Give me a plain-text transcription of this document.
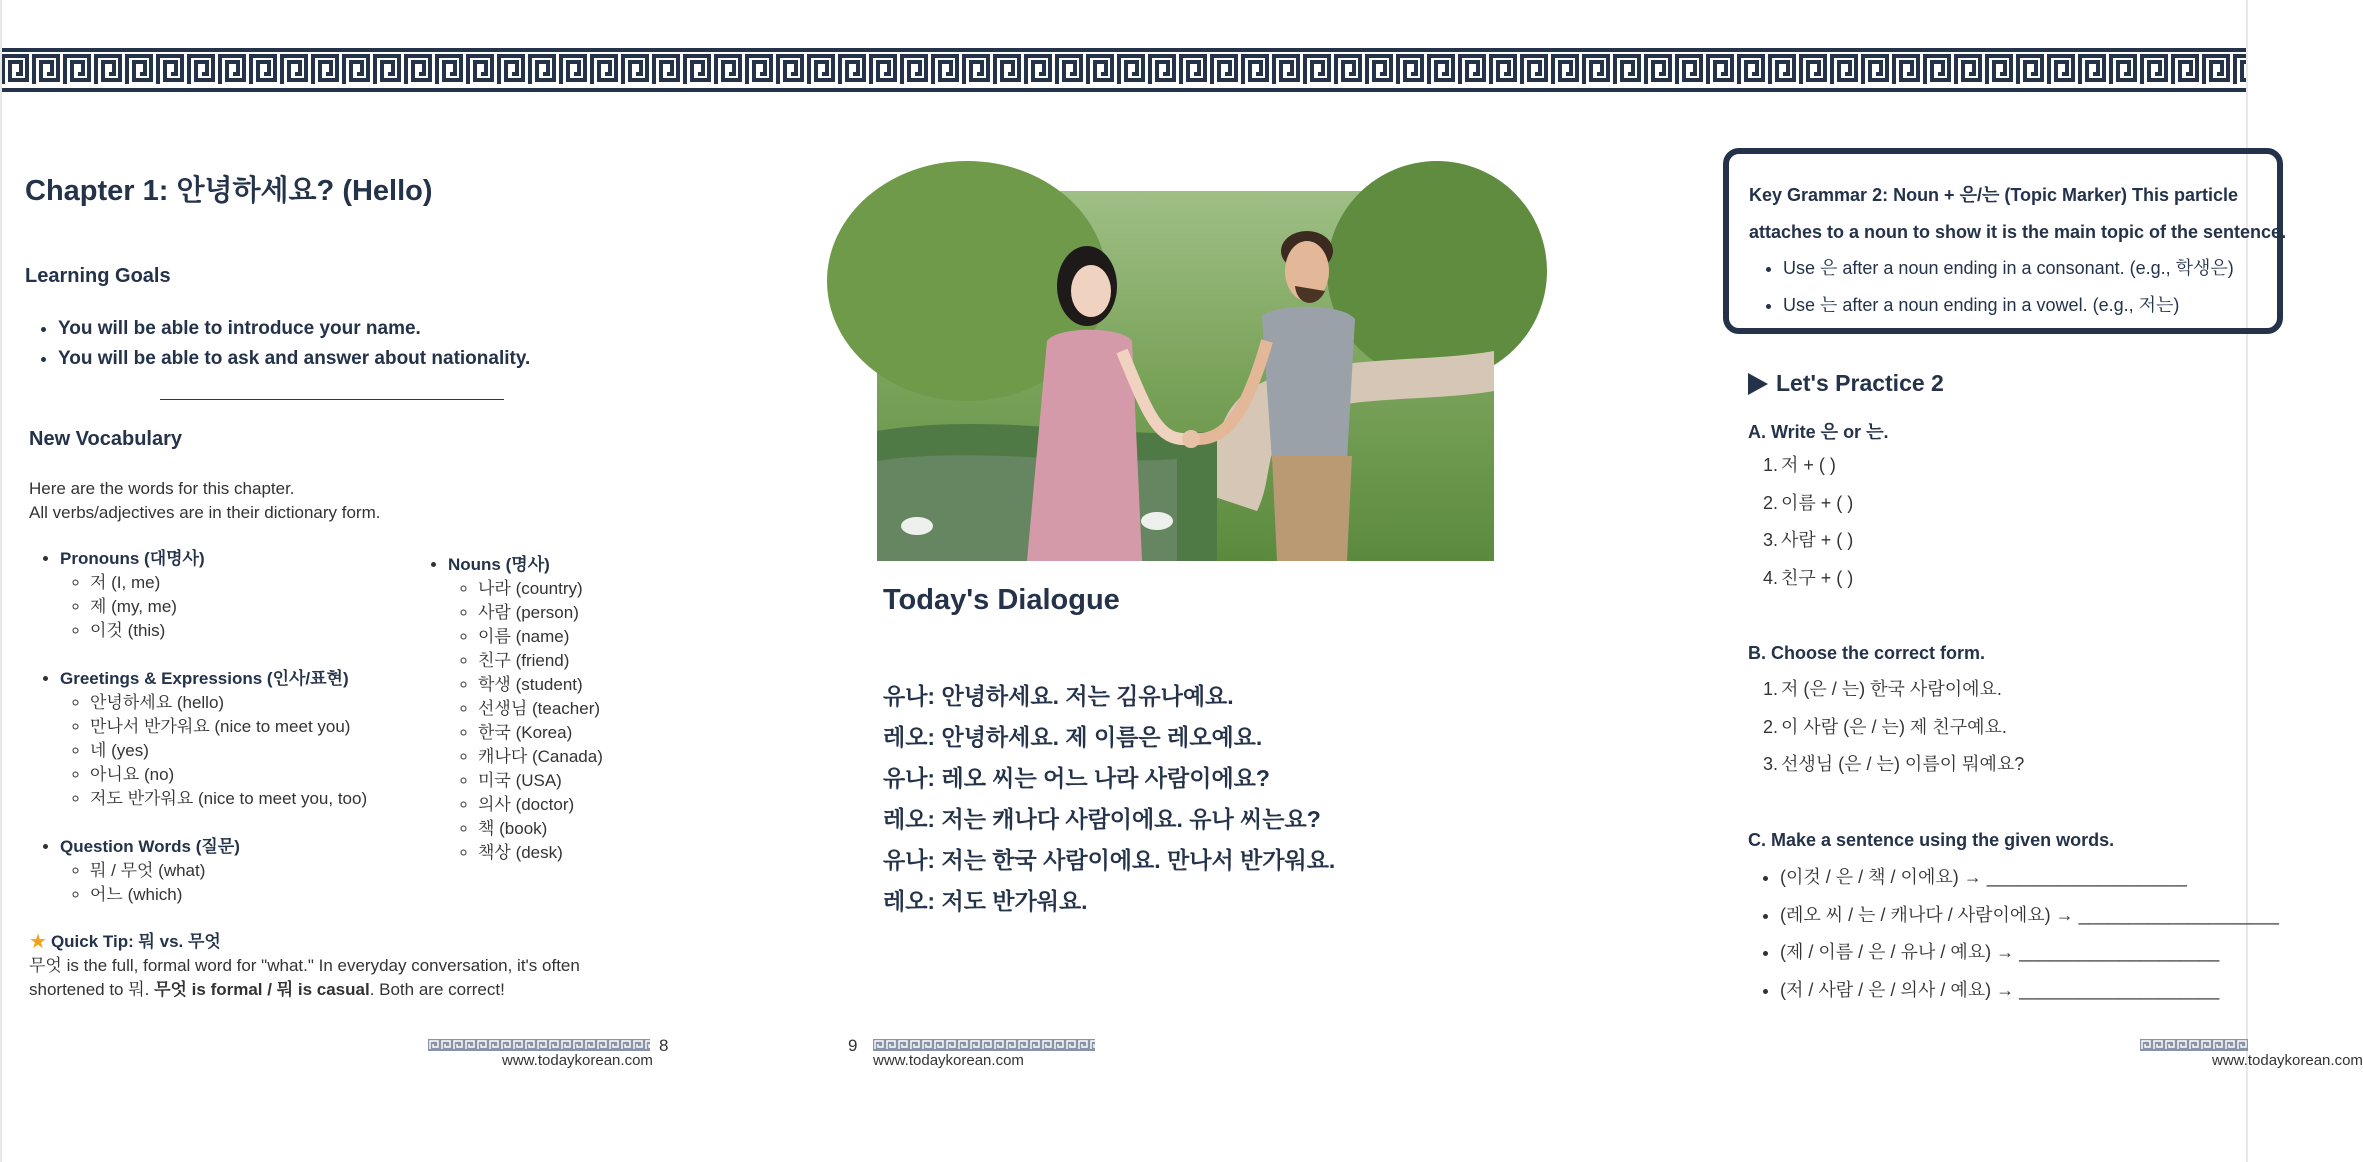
Chapter 1: 안녕하세요? (Hello)
Learning Goals
• You will be able to introduce your name.
• You will be able to ask and answer about nationality.
New Vocabulary
Here are the words for this chapter.
All verbs/adjectives are in their dictionary form.
• Pronouns (대명사)
◦ 저 (I, me)
◦ 제 (my, me)
◦ 이것 (this)
• Greetings & Expressions (인사/표현)
◦ 안녕하세요 (hello)
◦ 만나서 반가워요 (nice to meet you)
◦ 네 (yes)
◦ 아니요 (no)
◦ 저도 반가워요 (nice to meet you, too)
• Question Words (질문)
◦ 뭐 / 무엇 (what)
◦ 어느 (which)
• Nouns (명사)
◦ 나라 (country)
◦ 사람 (person)
◦ 이름 (name)
◦ 친구 (friend)
◦ 학생 (student)
◦ 선생님 (teacher)
◦ 한국 (Korea)
◦ 캐나다 (Canada)
◦ 미국 (USA)
◦ 의사 (doctor)
◦ 책 (book)
◦ 책상 (desk)
★ Quick Tip: 뭐 vs. 무엇
무엇 is the full, formal word for "what." In everyday conversation, it's often
shortened to 뭐. 무엇 is formal / 뭐 is casual. Both are correct!
8
www.todaykorean.com
Today's Dialogue
유나: 안녕하세요. 저는 김유나예요.
레오: 안녕하세요. 제 이름은 레오예요.
유나: 레오 씨는 어느 나라 사람이에요?
레오: 저는 캐나다 사람이에요. 유나 씨는요?
유나: 저는 한국 사람이에요. 만나서 반가워요.
레오: 저도 반가워요.
9
www.todaykorean.com
Key Grammar 2: Noun + 은/는 (Topic Marker) This particle
attaches to a noun to show it is the main topic of the sentence.
• Use 은 after a noun ending in a consonant. (e.g., 학생은)
• Use 는 after a noun ending in a vowel. (e.g., 저는)
Let's Practice 2
A. Write 은 or 는.
1. 저 + ( )
2. 이름 + ( )
3. 사람 + ( )
4. 친구 + ( )
B. Choose the correct form.
1. 저 (은 / 는) 한국 사람이에요.
2. 이 사람 (은 / 는) 제 친구예요.
3. 선생님 (은 / 는) 이름이 뭐예요?
C. Make a sentence using the given words.
• (이것 / 은 / 책 / 이에요) → ____________________
• (레오 씨 / 는 / 캐나다 / 사람이에요) → ____________________
• (제 / 이름 / 은 / 유나 / 예요) → ____________________
• (저 / 사람 / 은 / 의사 / 예요) → ____________________
www.todaykorean.com
